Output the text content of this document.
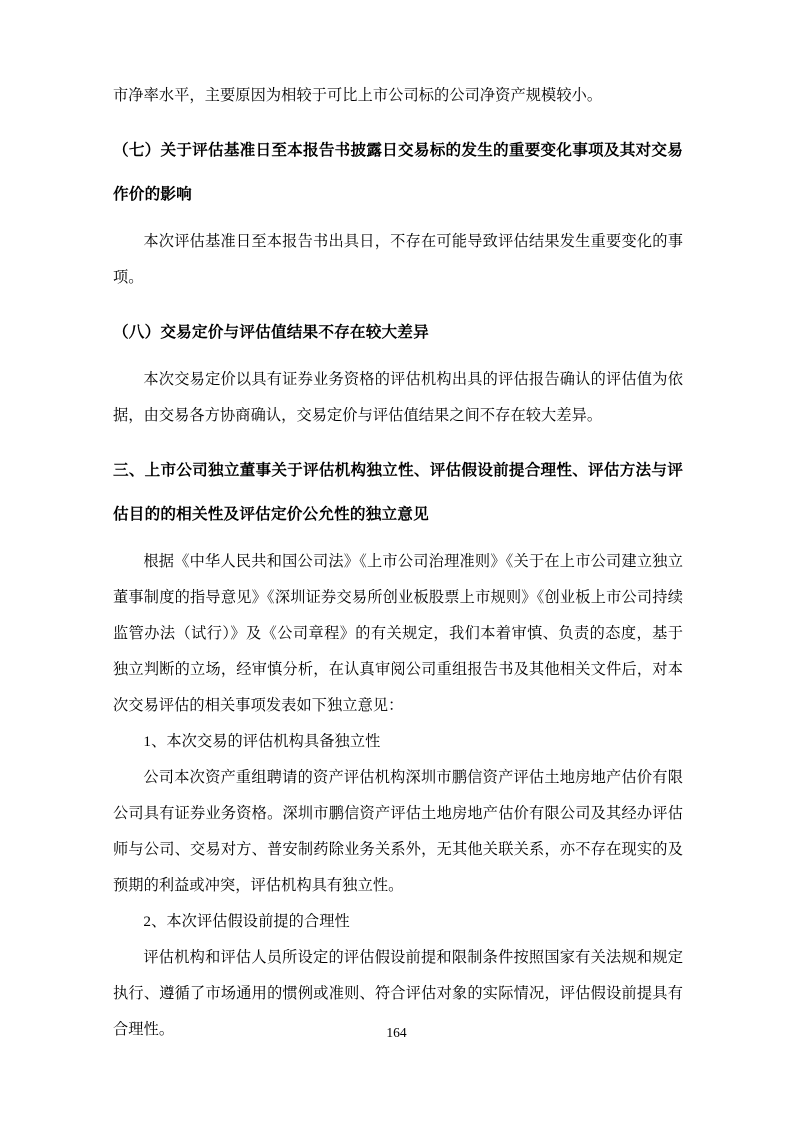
市净率水平，主要原因为相较于可比上市公司标的公司净资产规模较小。

（七）关于评估基准日至本报告书披露日交易标的发生的重要变化事项及其对交易作价的影响

本次评估基准日至本报告书出具日，不存在可能导致评估结果发生重要变化的事项。

（八）交易定价与评估值结果不存在较大差异

本次交易定价以具有证券业务资格的评估机构出具的评估报告确认的评估值为依据，由交易各方协商确认，交易定价与评估值结果之间不存在较大差异。

三、上市公司独立董事关于评估机构独立性、评估假设前提合理性、评估方法与评估目的的相关性及评估定价公允性的独立意见

根据《中华人民共和国公司法》《上市公司治理准则》《关于在上市公司建立独立董事制度的指导意见》《深圳证券交易所创业板股票上市规则》《创业板上市公司持续监管办法（试行）》及《公司章程》的有关规定，我们本着审慎、负责的态度，基于独立判断的立场，经审慎分析，在认真审阅公司重组报告书及其他相关文件后，对本次交易评估的相关事项发表如下独立意见：

1、本次交易的评估机构具备独立性

公司本次资产重组聘请的资产评估机构深圳市鹏信资产评估土地房地产估价有限公司具有证券业务资格。深圳市鹏信资产评估土地房地产估价有限公司及其经办评估师与公司、交易对方、普安制药除业务关系外，无其他关联关系，亦不存在现实的及预期的利益或冲突，评估机构具有独立性。

2、本次评估假设前提的合理性

评估机构和评估人员所设定的评估假设前提和限制条件按照国家有关法规和规定执行、遵循了市场通用的惯例或准则、符合评估对象的实际情况，评估假设前提具有合理性。	164
